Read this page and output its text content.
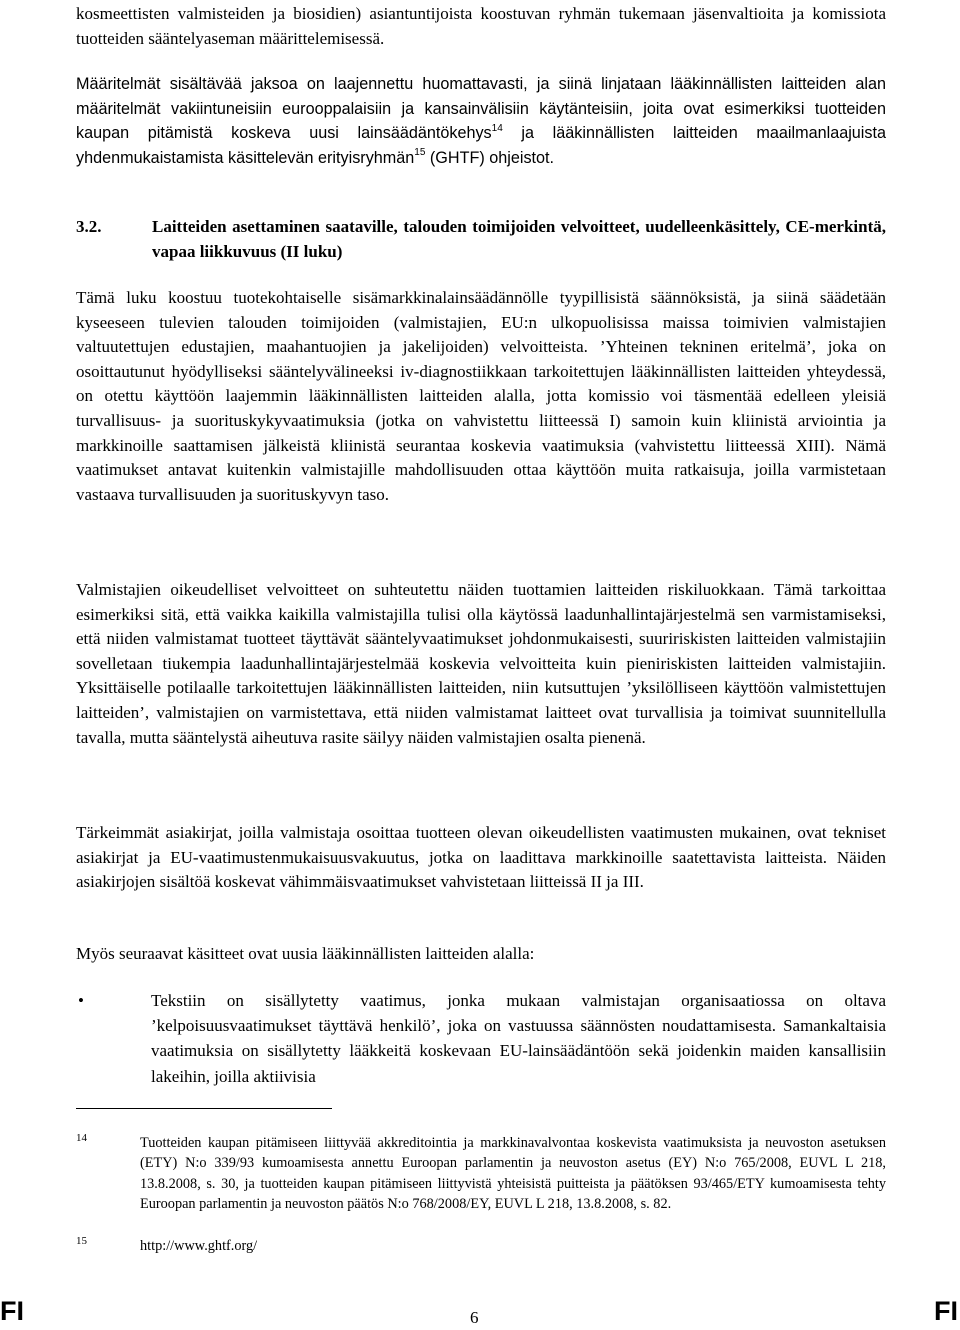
kosmeettisten valmisteiden ja biosidien) asiantuntijoista koostuvan ryhmän tukemaan jäsenvaltioita ja komissiota tuotteiden sääntelyaseman määrittelemisessä.

Määritelmät sisältävää jaksoa on laajennettu huomattavasti, ja siinä linjataan lääkinnällisten laitteiden alan määritelmät vakiintuneisiin eurooppalaisiin ja kansainvälisiin käytänteisiin, joita ovat esimerkiksi tuotteiden kaupan pitämistä koskeva uusi lainsäädäntökehys$^{14}$ ja lääkinnällisten laitteiden maailmanlaajuista yhdenmukaistamista käsittelevän erityisryhmän$^{15}$ (GHTF) ohjeistot.

3.2.	Laitteiden asettaminen saataville, talouden toimijoiden velvoitteet, uudelleenkäsittely, CE-merkintä, vapaa liikkuvuus (II luku)

Tämä luku koostuu tuotekohtaiselle sisämarkkinalainsäädännölle tyypillisistä säännöksistä, ja siinä säädetään kyseeseen tulevien talouden toimijoiden (valmistajien, EU:n ulkopuolisissa maissa toimivien valmistajien valtuutettujen edustajien, maahantuojien ja jakelijoiden) velvoitteista. ’Yhteinen tekninen eritelmä’, joka on osoittautunut hyödylliseksi sääntelyvälineeksi iv-diagnostiikkaan tarkoitettujen lääkinnällisten laitteiden yhteydessä, on otettu käyttöön laajemmin lääkinnällisten laitteiden alalla, jotta komissio voi täsmentää edelleen yleisiä turvallisuus- ja suorituskykyvaatimuksia (jotka on vahvistettu liitteessä I) samoin kuin kliinistä arviointia ja markkinoille saattamisen jälkeistä kliinistä seurantaa koskevia vaatimuksia (vahvistettu liitteessä XIII). Nämä vaatimukset antavat kuitenkin valmistajille mahdollisuuden ottaa käyttöön muita ratkaisuja, joilla varmistetaan vastaava turvallisuuden ja suorituskyvyn taso.

Valmistajien oikeudelliset velvoitteet on suhteutettu näiden tuottamien laitteiden riskiluokkaan. Tämä tarkoittaa esimerkiksi sitä, että vaikka kaikilla valmistajilla tulisi olla käytössä laadunhallintajärjestelmä sen varmistamiseksi, että niiden valmistamat tuotteet täyttävät sääntelyvaatimukset johdonmukaisesti, suuririskisten laitteiden valmistajiin sovelletaan tiukempia laadunhallintajärjestelmää koskevia velvoitteita kuin pieniriskisten laitteiden valmistajiin. Yksittäiselle potilaalle tarkoitettujen lääkinnällisten laitteiden, niin kutsuttujen ’yksilölliseen käyttöön valmistettujen laitteiden’, valmistajien on varmistettava, että niiden valmistamat laitteet ovat turvallisia ja toimivat suunnitellulla tavalla, mutta sääntelystä aiheutuva rasite säilyy näiden valmistajien osalta pienenä.

Tärkeimmät asiakirjat, joilla valmistaja osoittaa tuotteen olevan oikeudellisten vaatimusten mukainen, ovat tekniset asiakirjat ja EU-vaatimustenmukaisuusvakuutus, jotka on laadittava markkinoille saatettavista laitteista. Näiden asiakirjojen sisältöä koskevat vähimmäisvaatimukset vahvistetaan liitteissä II ja III.

Myös seuraavat käsitteet ovat uusia lääkinnällisten laitteiden alalla:

•	Tekstiin on sisällytetty vaatimus, jonka mukaan valmistajan organisaatiossa on oltava ’kelpoisuusvaatimukset täyttävä henkilö’, joka on vastuussa säännösten noudattamisesta. Samankaltaisia vaatimuksia on sisällytetty lääkkeitä koskevaan EU-lainsäädäntöön sekä joidenkin maiden kansallisiin lakeihin, joilla aktiivisia
14	Tuotteiden kaupan pitämiseen liittyvää akkreditointia ja markkinavalvontaa koskevista vaatimuksista ja neuvoston asetuksen (ETY) N:o 339/93 kumoamisesta annettu Euroopan parlamentin ja neuvoston asetus (EY) N:o 765/2008, EUVL L 218, 13.8.2008, s. 30, ja tuotteiden kaupan pitämiseen liittyvistä yhteisistä puitteista ja päätöksen 93/465/ETY kumoamisesta tehty Euroopan parlamentin ja neuvoston päätös N:o 768/2008/EY, EUVL L 218, 13.8.2008, s. 82.
15	http://www.ghtf.org/
FI	6	FI
